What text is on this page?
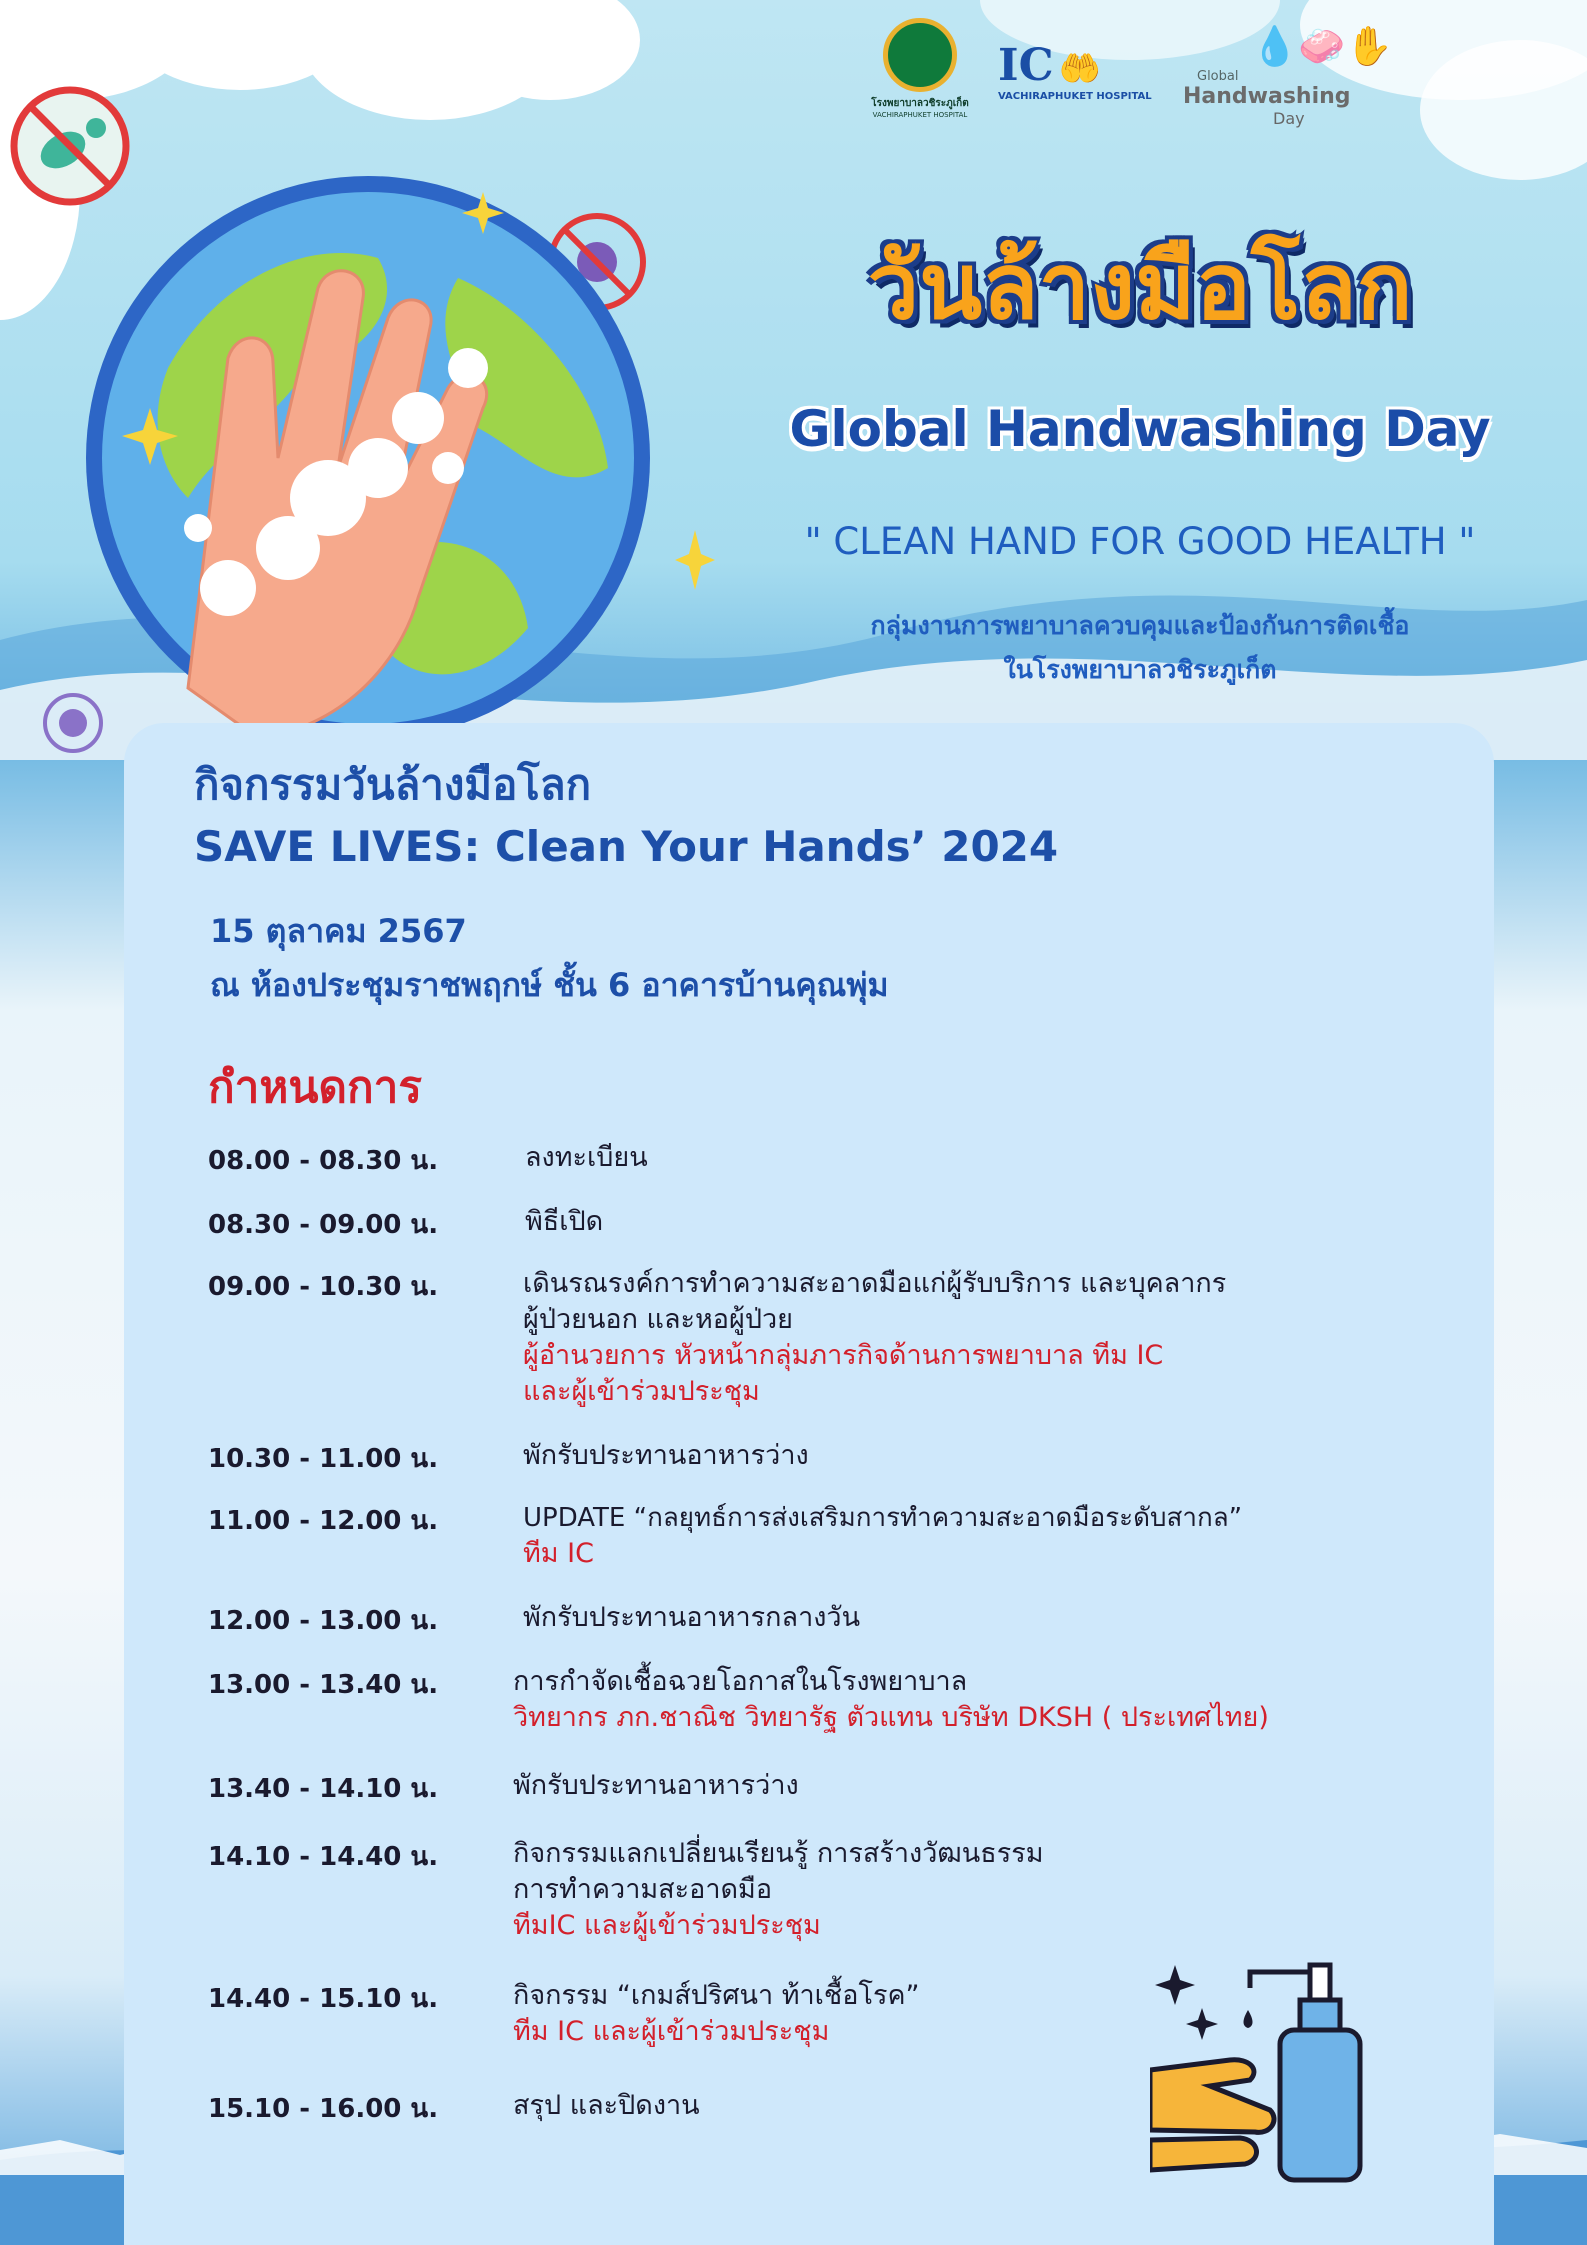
โรงพยาบาลวชิระภูเก็ต
VACHIRAPHUKET HOSPITAL
IC 🤲
VACHIRAPHUKET HOSPITAL
💧🧼✋
Global
Handwashing
Day
วันล้างมือโลก
Global Handwashing Day
" CLEAN HAND FOR GOOD HEALTH "
กลุ่มงานการพยาบาลควบคุมและป้องกันการติดเชื้อ
ในโรงพยาบาลวชิระภูเก็ต
กิจกรรมวันล้างมือโลก
SAVE LIVES: Clean Your Hands’ 2024
15 ตุลาคม 2567
ณ ห้องประชุมราชพฤกษ์ ชั้น 6 อาคารบ้านคุณพุ่ม
กำหนดการ
08.00 - 08.30 น.	ลงทะเบียน
08.30 - 09.00 น.	พิธีเปิด
09.00 - 10.30 น.	เดินรณรงค์การทำความสะอาดมือแก่ผู้รับบริการ และบุคลากร
ผู้ป่วยนอก และหอผู้ป่วย
ผู้อำนวยการ หัวหน้ากลุ่มภารกิจด้านการพยาบาล ทีม IC
และผู้เข้าร่วมประชุม
10.30 - 11.00 น.	พักรับประทานอาหารว่าง
11.00 - 12.00 น.	UPDATE “กลยุทธ์การส่งเสริมการทำความสะอาดมือระดับสากล”
ทีม IC
12.00 - 13.00 น.	พักรับประทานอาหารกลางวัน
13.00 - 13.40 น.	การกำจัดเชื้อฉวยโอกาสในโรงพยาบาล
วิทยากร ภก.ชาณิช วิทยารัฐ ตัวแทน บริษัท DKSH ( ประเทศไทย)
13.40 - 14.10 น.	พักรับประทานอาหารว่าง
14.10 - 14.40 น.	กิจกรรมแลกเปลี่ยนเรียนรู้ การสร้างวัฒนธรรม
การทำความสะอาดมือ
ทีมIC และผู้เข้าร่วมประชุม
14.40 - 15.10 น.	กิจกรรม “เกมส์ปริศนา ท้าเชื้อโรค”
ทีม IC และผู้เข้าร่วมประชุม
15.10 - 16.00 น.	สรุป และปิดงาน
